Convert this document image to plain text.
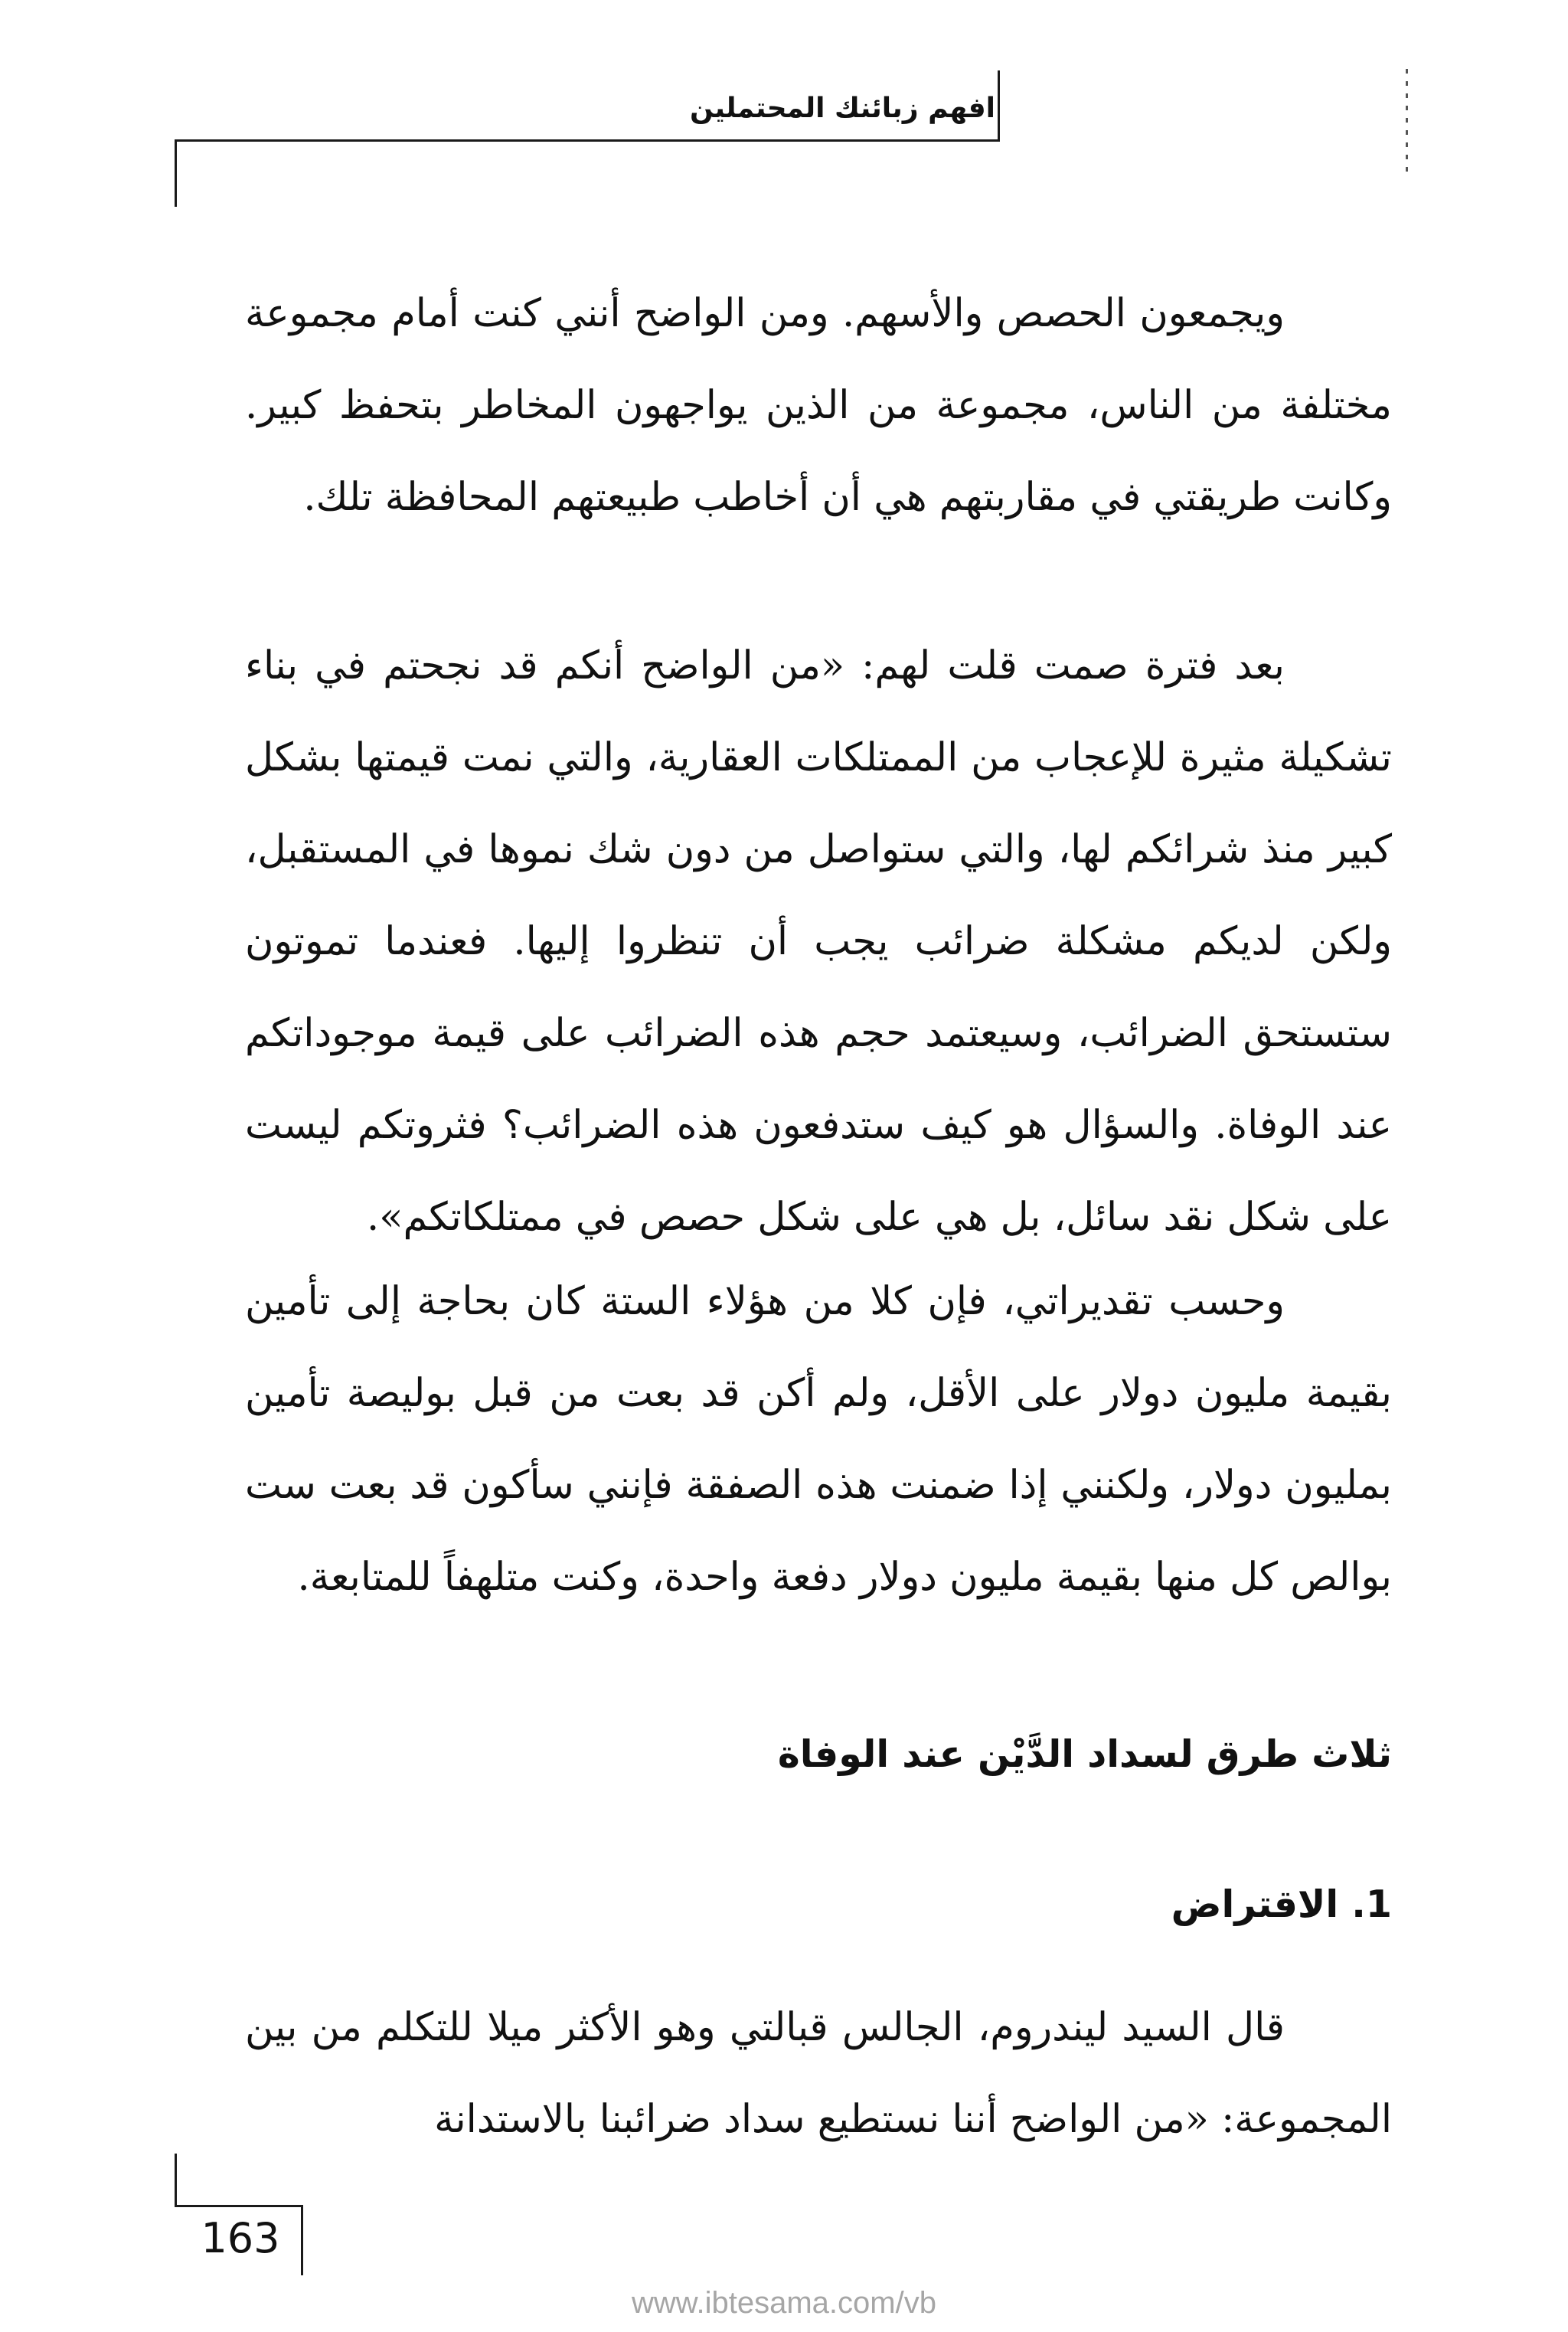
افهم زبائنك المحتملين

ويجمعون الحصص والأسهم. ومن الواضح أنني كنت أمام مجموعة مختلفة من الناس، مجموعة من الذين يواجهون المخاطر بتحفظ كبير. وكانت طريقتي في مقاربتهم هي أن أخاطب طبيعتهم المحافظة تلك.

بعد فترة صمت قلت لهم: «من الواضح أنكم قد نجحتم في بناء تشكيلة مثيرة للإعجاب من الممتلكات العقارية، والتي نمت قيمتها بشكل كبير منذ شرائكم لها، والتي ستواصل من دون شك نموها في المستقبل، ولكن لديكم مشكلة ضرائب يجب أن تنظروا إليها. فعندما تموتون ستستحق الضرائب، وسيعتمد حجم هذه الضرائب على قيمة موجوداتكم عند الوفاة. والسؤال هو كيف ستدفعون هذه الضرائب؟ فثروتكم ليست على شكل نقد سائل، بل هي على شكل حصص في ممتلكاتكم».

وحسب تقديراتي، فإن كلا من هؤلاء الستة كان بحاجة إلى تأمين بقيمة مليون دولار على الأقل، ولم أكن قد بعت من قبل بوليصة تأمين بمليون دولار، ولكنني إذا ضمنت هذه الصفقة فإنني سأكون قد بعت ست بوالص كل منها بقيمة مليون دولار دفعة واحدة، وكنت متلهفاً للمتابعة.

ثلاث طرق لسداد الدَّيْن عند الوفاة
1. الاقتراض

قال السيد ليندروم، الجالس قبالتي وهو الأكثر ميلا للتكلم من بين المجموعة: «من الواضح أننا نستطيع سداد ضرائبنا بالاستدانة

163
www.ibtesama.com/vb
